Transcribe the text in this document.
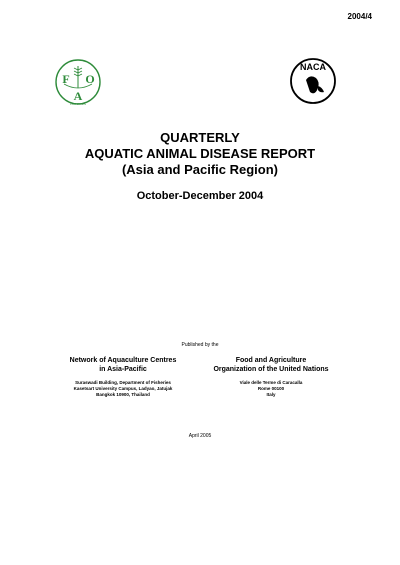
2004/4
F
A
O
FIAT PANIS
NACA
QUARTERLY
AQUATIC ANIMAL DISEASE REPORT
(Asia and Pacific Region)
October-December 2004
Published by the
Network of Aquaculture Centres
in Asia-Pacific
Food and Agriculture
Organization of the United Nations
Suraswadi Building, Department of Fisheries
Kasetsart University Campus, Ladyao, Jatujak
Bangkok 10900, Thailand
Viale delle Terme di Caracalla
Rome 00100
Italy
April 2005
